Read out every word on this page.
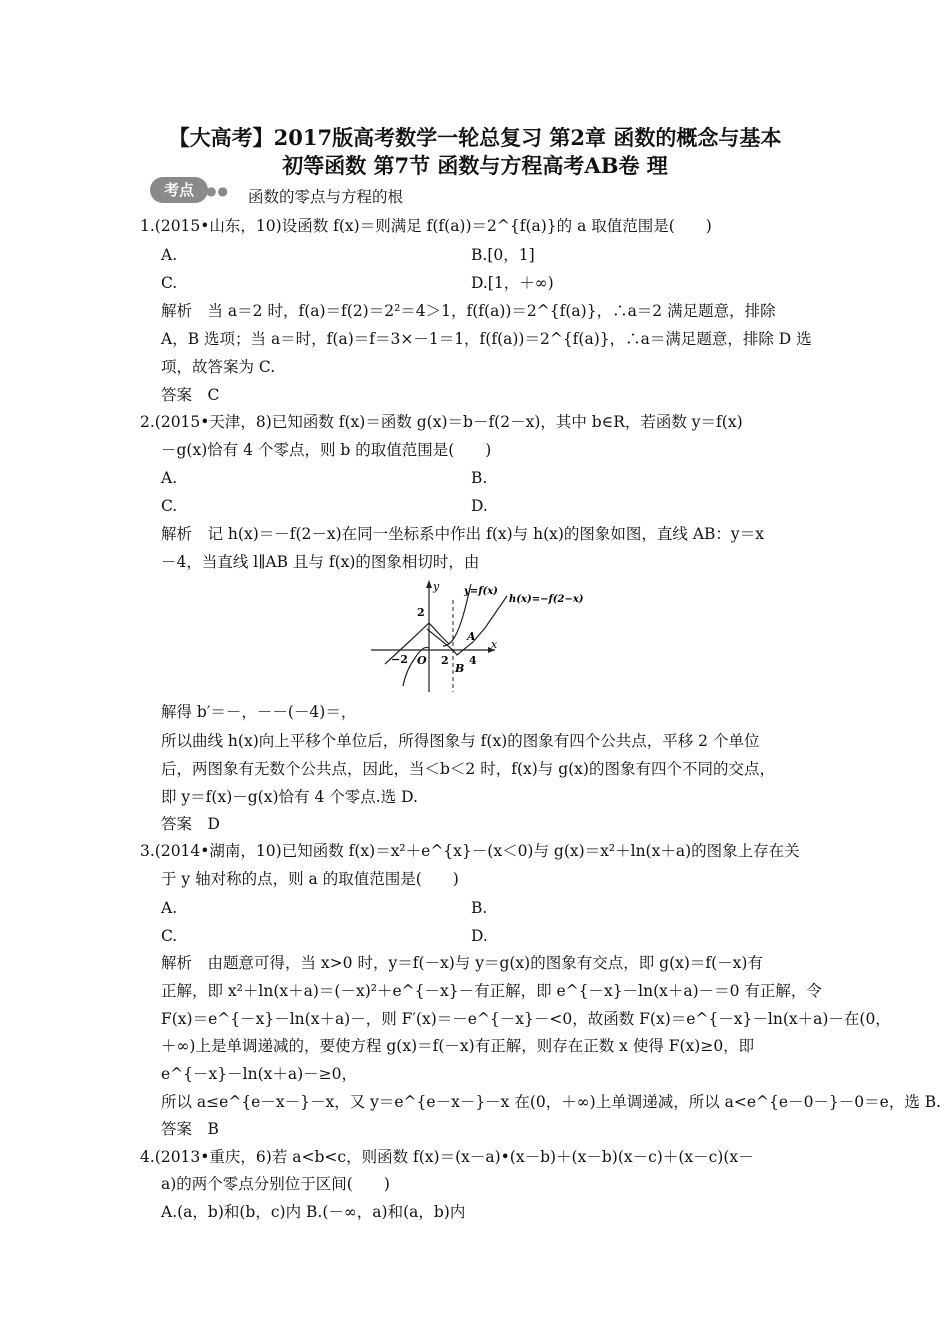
【大高考】2017版高考数学一轮总复习 第2章 函数的概念与基本
初等函数 第7节 函数与方程高考AB卷 理
考点	●● 函数的零点与方程的根
1.(2015•山东，10)设函数 f(x)＝则满足 f(f(a))＝2^{f(a)}的 a 取值范围是(　　)
A.	B.[0，1]
C.	D.[1，＋∞)
解析　当 a＝2 时，f(a)＝f(2)＝2²＝4＞1，f(f(a))＝2^{f(a)}，∴a＝2 满足题意，排除
A，B 选项；当 a＝时，f(a)＝f＝3×－1＝1，f(f(a))＝2^{f(a)}，∴a＝满足题意，排除 D 选
项，故答案为 C.
答案　C
2.(2015•天津，8)已知函数 f(x)＝函数 g(x)＝b－f(2－x)，其中 b∈R，若函数 y＝f(x)
－g(x)恰有 4 个零点，则 b 的取值范围是(　　)
A.	B.
C.	D.
解析　记 h(x)＝－f(2－x)在同一坐标系中作出 f(x)与 h(x)的图象如图，直线 AB：y＝x
－4，当直线 l∥AB 且与 f(x)的图象相切时，由
y
x
y=f(x)
h(x)=−f(2−x)
2
−2 O 2 4
A
B
解得 b′＝－，－－(－4)＝，
所以曲线 h(x)向上平移个单位后，所得图象与 f(x)的图象有四个公共点，平移 2 个单位
后，两图象有无数个公共点，因此，当＜b＜2 时，f(x)与 g(x)的图象有四个不同的交点，
即 y＝f(x)－g(x)恰有 4 个零点.选 D.
答案　D
3.(2014•湖南，10)已知函数 f(x)＝x²＋e^{x}－(x＜0)与 g(x)＝x²＋ln(x＋a)的图象上存在关
于 y 轴对称的点，则 a 的取值范围是(　　)
A.	B.
C.	D.
解析　由题意可得，当 x>0 时，y＝f(－x)与 y＝g(x)的图象有交点，即 g(x)＝f(－x)有
正解，即 x²＋ln(x＋a)＝(－x)²＋e^{－x}－有正解，即 e^{－x}－ln(x＋a)－＝0 有正解，令
F(x)＝e^{－x}－ln(x＋a)－，则 F′(x)＝－e^{－x}－<0，故函数 F(x)＝e^{－x}－ln(x＋a)－在(0，
＋∞)上是单调递减的，要使方程 g(x)＝f(－x)有正解，则存在正数 x 使得 F(x)≥0，即
e^{－x}－ln(x＋a)－≥0，
所以 a≤e^{e－x－}－x，又 y＝e^{e－x－}－x 在(0，＋∞)上单调递减，所以 a<e^{e－0－}－0＝e，选 B.
答案　B
4.(2013•重庆，6)若 a<b<c，则函数 f(x)＝(x－a)•(x－b)＋(x－b)(x－c)＋(x－c)(x－
a)的两个零点分别位于区间(　　)
A.(a，b)和(b，c)内 B.(－∞，a)和(a，b)内
